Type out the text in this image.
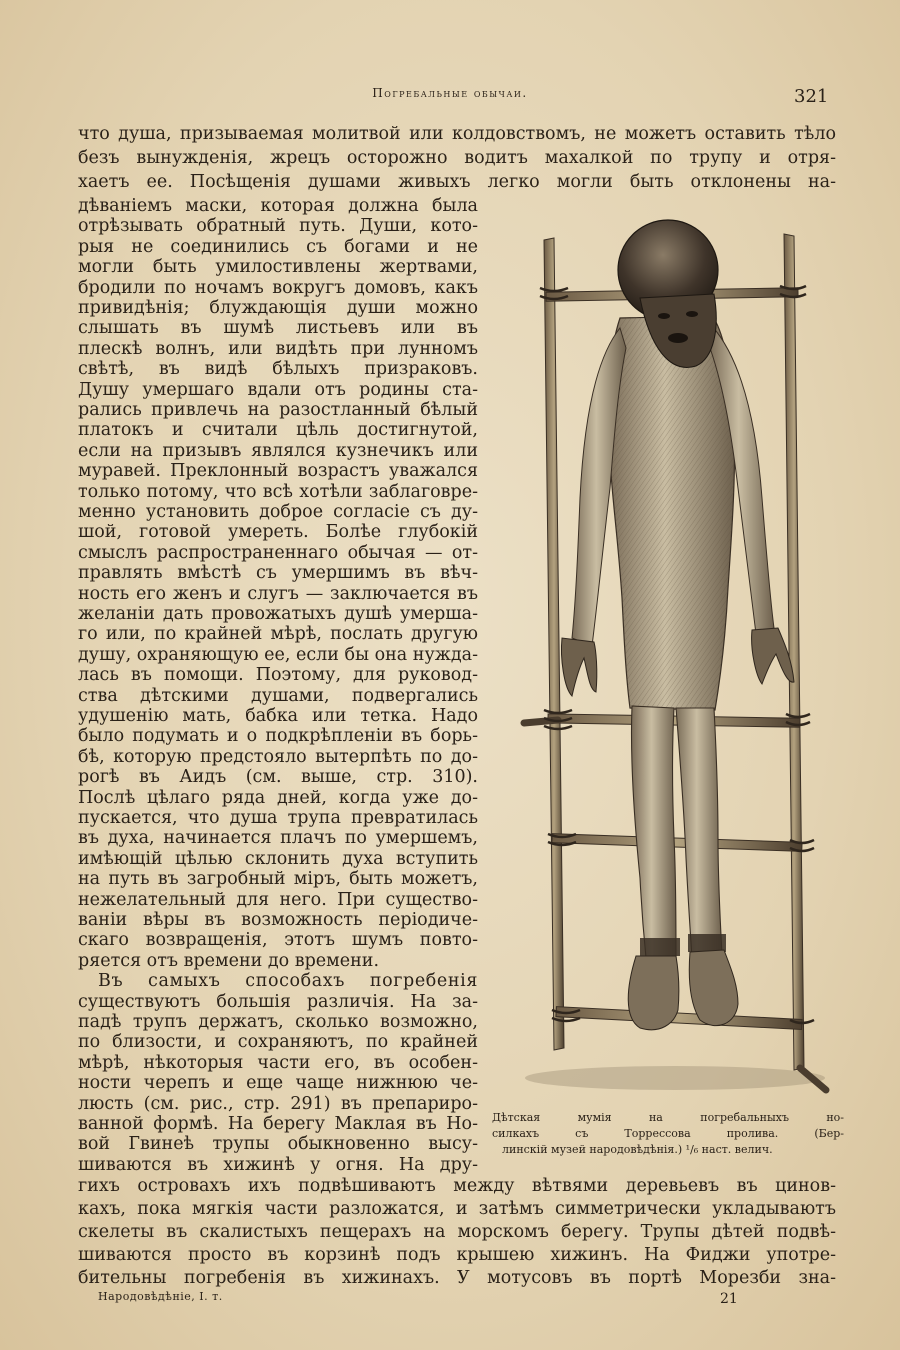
Погребальные обычаи.	321
что душа, призываемая молитвой или колдовствомъ, не можетъ оставить тѣло
безъ вынужденія, жрецъ осторожно водитъ махалкой по трупу и отря-
хаетъ ее. Посѣщенія душами живыхъ легко могли быть отклонены на-
дѣваніемъ маски, которая должна была
отрѣзывать обратный путь. Души, кото-
рыя не соединились съ богами и не
могли быть умилостивлены жертвами,
бродили по ночамъ вокругъ домовъ, какъ
привидѣнія; блуждающія души можно
слышать въ шумѣ листьевъ или въ
плескѣ волнъ, или видѣть при лунномъ
свѣтѣ, въ видѣ бѣлыхъ призраковъ.
Душу умершаго вдали отъ родины ста-
рались привлечь на разостланный бѣлый
платокъ и считали цѣль достигнутой,
если на призывъ являлся кузнечикъ или
муравей. Преклонный возрастъ уважался
только потому, что всѣ хотѣли заблаговре-
менно установить доброе согласіе съ ду-
шой, готовой умереть. Болѣе глубокій
смыслъ распространеннаго обычая — от-
правлять вмѣстѣ съ умершимъ въ вѣч-
ность его женъ и слугъ — заключается въ
желаніи дать провожатыхъ душѣ умерша-
го или, по крайней мѣрѣ, послать другую
душу, охраняющую ее, если бы она нужда-
лась въ помощи. Поэтому, для руковод-
ства дѣтскими душами, подвергались
удушенію мать, бабка или тетка. Надо
было подумать и о подкрѣпленіи въ борь-
бѣ, которую предстояло вытерпѣть по до-
рогѣ въ Аидъ (см. выше, стр. 310).
Послѣ цѣлаго ряда дней, когда уже до-
пускается, что душа трупа превратилась
въ духа, начинается плачъ по умершемъ,
имѣющій цѣлью склонить духа вступить
на путь въ загробный міръ, быть можетъ,
нежелательный для него. При существо-
ваніи вѣры въ возможность періодиче-
скаго возвращенія, этотъ шумъ повто-
ряется отъ времени до времени.
Въ самыхъ способахъ погребенія
существуютъ большія различія. На за-
падѣ трупъ держатъ, сколько возможно,
по близости, и сохраняютъ, по крайней
мѣрѣ, нѣкоторыя части его, въ особен-
ности черепъ и еще чаще нижнюю че-
люсть (см. рис., стр. 291) въ препариро-
ванной формѣ. На берегу Маклая въ Но-
вой Гвинеѣ трупы обыкновенно высу-
шиваются въ хижинѣ у огня. На дру-
гихъ островахъ ихъ подвѣшиваютъ между вѣтвями деревьевъ въ цинов-
кахъ, пока мягкія части разложатся, и затѣмъ симметрически укладываютъ
скелеты въ скалистыхъ пещерахъ на морскомъ берегу. Трупы дѣтей подвѣ-
шиваются просто въ корзинѣ подъ крышею хижинъ. На Фиджи употре-
бительны погребенія въ хижинахъ. У мотусовъ въ портѣ Морезби зна-
Дѣтская мумія на погребальныхъ но-
силкахъ съ Торрессова пролива. (Бер-
линскій музей народовѣдѣнія.) ¹/₆ наст. велич.
Народовѣдѣніе, I. т.	21
